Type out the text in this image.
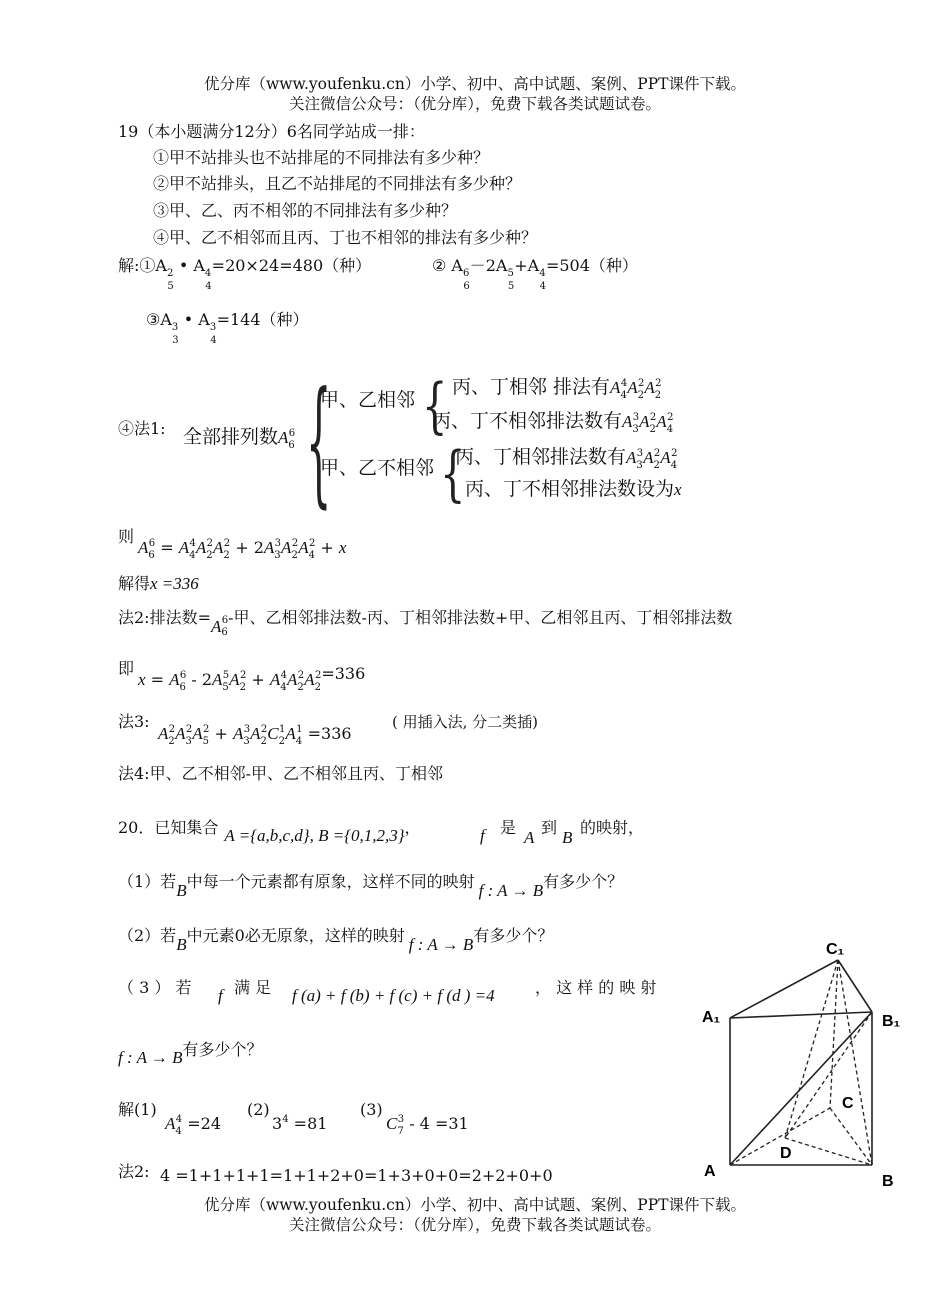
优分库（www.youfenku.cn）小学、初中、高中试题、案例、PPT课件下载。
关注微信公众号：（优分库），免费下载各类试题试卷。
19（本小题满分12分）6名同学站成一排：
①甲不站排头也不站排尾的不同排法有多少种？
②甲不站排头，且乙不站排尾的不同排法有多少种？
③甲、乙、丙不相邻的不同排法有多少种？
④甲、乙不相邻而且丙、丁也不相邻的排法有多少种？
解$:①A_{25}$ • $A_{44}=20\times 24=480$（种）	② $A_{66}-2A_{55}+A_{44}=504$（种）
$③A_{33}$ • $A_{34}=144$（种）
④法1: 全部排列数$A_6^6$ {
甲、乙相邻 { 丙、丁相邻 排法有$A_4^4A_2^2A_2^2$
丙、丁不相邻排法数有$A_3^3A_2^2A_4^2$
甲、乙不相邻 {
丙、丁相邻排法数有$A_3^3A_2^2A_4^2$
丙、丁不相邻排法数设为x
则
$A_6^6 = A_4^4A_2^2A_2^2 + 2A_3^3A_2^2A_4^2 + x$
解得x =336
法2:排法数$=A_6^6-$甲、乙相邻排法数-丙、丁相邻排法数+甲、乙相邻且丙、丁相邻排法数
即
$x = A_6^6 - 2A_5^5A_2^2 + A_4^4A_2^2A_2^2=336$
法3:
$A_2^2A_3^2A_5^2 + A_3^3A_2^2C_2^1A_4^1 =336$
( 用插入法, 分二类插)
法4:甲、乙不相邻-甲、乙不相邻且丙、丁相邻
20．已知集合 A ={a,b,c,d}, B ={0,1,2,3}，	f 是
A
到
B
的映射，
（1）若B中每一个元素都有原象，这样不同的映射 f : A → B有多少个？
（2）若B中元素0必无原象，这样的映射 f : A → B有多少个？
（ 3 ） 若 f 满 足 f (a) + f (b) + f (c) + f (d ) =4	， 这 样 的 映 射
f : A → B有多少个？
解(1)
$A_4^4 =24$
(2)
$3^4 =81$
(3)
$C_7^3 - 4 =31$
法2: 4 =1+1+1+1=1+1+2+0=1+3+0+0=2+2+0+0
C₁
A₁	B₁
C
D
A
B
优分库（www.youfenku.cn）小学、初中、高中试题、案例、PPT课件下载。
关注微信公众号：（优分库），免费下载各类试题试卷。
